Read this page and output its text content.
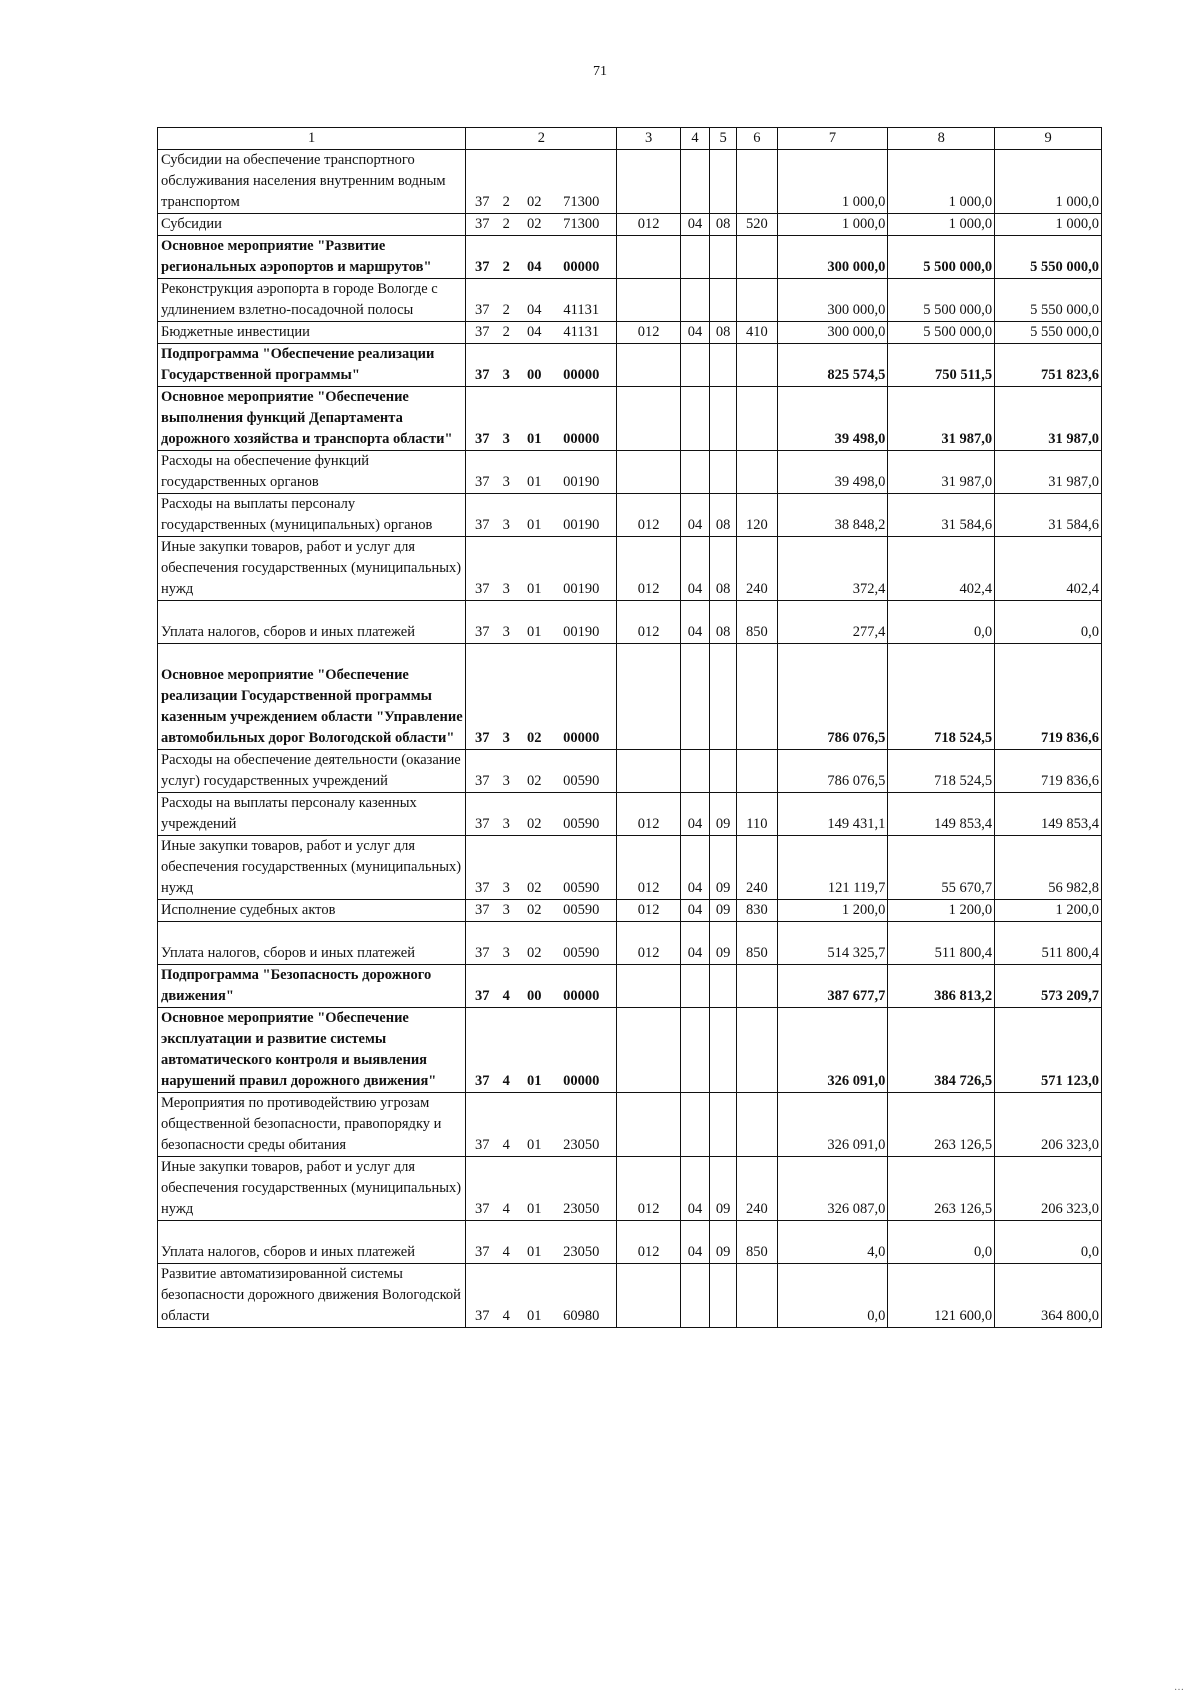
71
1	2	3	4	5	6	7	8	9
Субсидии на обеспечение транспортного обслуживания населения внутренним водным транспортом	37 2 02 71300					1 000,0	1 000,0	1 000,0
Субсидии	37 2 02 71300	012	04	08	520	1 000,0	1 000,0	1 000,0
Основное мероприятие "Развитие региональных аэропортов и маршрутов"	37 2 04 00000					300 000,0	5 500 000,0	5 550 000,0
Реконструкция аэропорта в городе Вологде с удлинением взлетно-посадочной полосы	37 2 04 41131					300 000,0	5 500 000,0	5 550 000,0
Бюджетные инвестиции	37 2 04 41131	012	04	08	410	300 000,0	5 500 000,0	5 550 000,0
Подпрограмма "Обеспечение реализации Государственной программы"	37 3 00 00000					825 574,5	750 511,5	751 823,6
Основное мероприятие "Обеспечение выполнения функций Департамента дорожного хозяйства и транспорта области"	37 3 01 00000					39 498,0	31 987,0	31 987,0
Расходы на обеспечение функций государственных органов	37 3 01 00190					39 498,0	31 987,0	31 987,0
Расходы на выплаты персоналу государственных (муниципальных) органов	37 3 01 00190	012	04	08	120	38 848,2	31 584,6	31 584,6
Иные закупки товаров, работ и услуг для обеспечения государственных (муниципальных) нужд	37 3 01 00190	012	04	08	240	372,4	402,4	402,4
Уплата налогов, сборов и иных платежей	37 3 01 00190	012	04	08	850	277,4	0,0	0,0
Основное мероприятие "Обеспечение реализации Государственной программы казенным учреждением области "Управление автомобильных дорог Вологодской области"	37 3 02 00000					786 076,5	718 524,5	719 836,6
Расходы на обеспечение деятельности (оказание услуг) государственных учреждений	37 3 02 00590					786 076,5	718 524,5	719 836,6
Расходы на выплаты персоналу казенных учреждений	37 3 02 00590	012	04	09	110	149 431,1	149 853,4	149 853,4
Иные закупки товаров, работ и услуг для обеспечения государственных (муниципальных) нужд	37 3 02 00590	012	04	09	240	121 119,7	55 670,7	56 982,8
Исполнение судебных актов	37 3 02 00590	012	04	09	830	1 200,0	1 200,0	1 200,0
Уплата налогов, сборов и иных платежей	37 3 02 00590	012	04	09	850	514 325,7	511 800,4	511 800,4
Подпрограмма "Безопасность дорожного движения"	37 4 00 00000					387 677,7	386 813,2	573 209,7
Основное мероприятие "Обеспечение эксплуатации и развитие системы автоматического контроля и выявления нарушений правил дорожного движения"	37 4 01 00000					326 091,0	384 726,5	571 123,0
Мероприятия по противодействию угрозам общественной безопасности, правопорядку и безопасности среды обитания	37 4 01 23050					326 091,0	263 126,5	206 323,0
Иные закупки товаров, работ и услуг для обеспечения государственных (муниципальных) нужд	37 4 01 23050	012	04	09	240	326 087,0	263 126,5	206 323,0
Уплата налогов, сборов и иных платежей	37 4 01 23050	012	04	09	850	4,0	0,0	0,0
Развитие автоматизированной системы безопасности дорожного движения Вологодской области	37 4 01 60980					0,0	121 600,0	364 800,0
…
